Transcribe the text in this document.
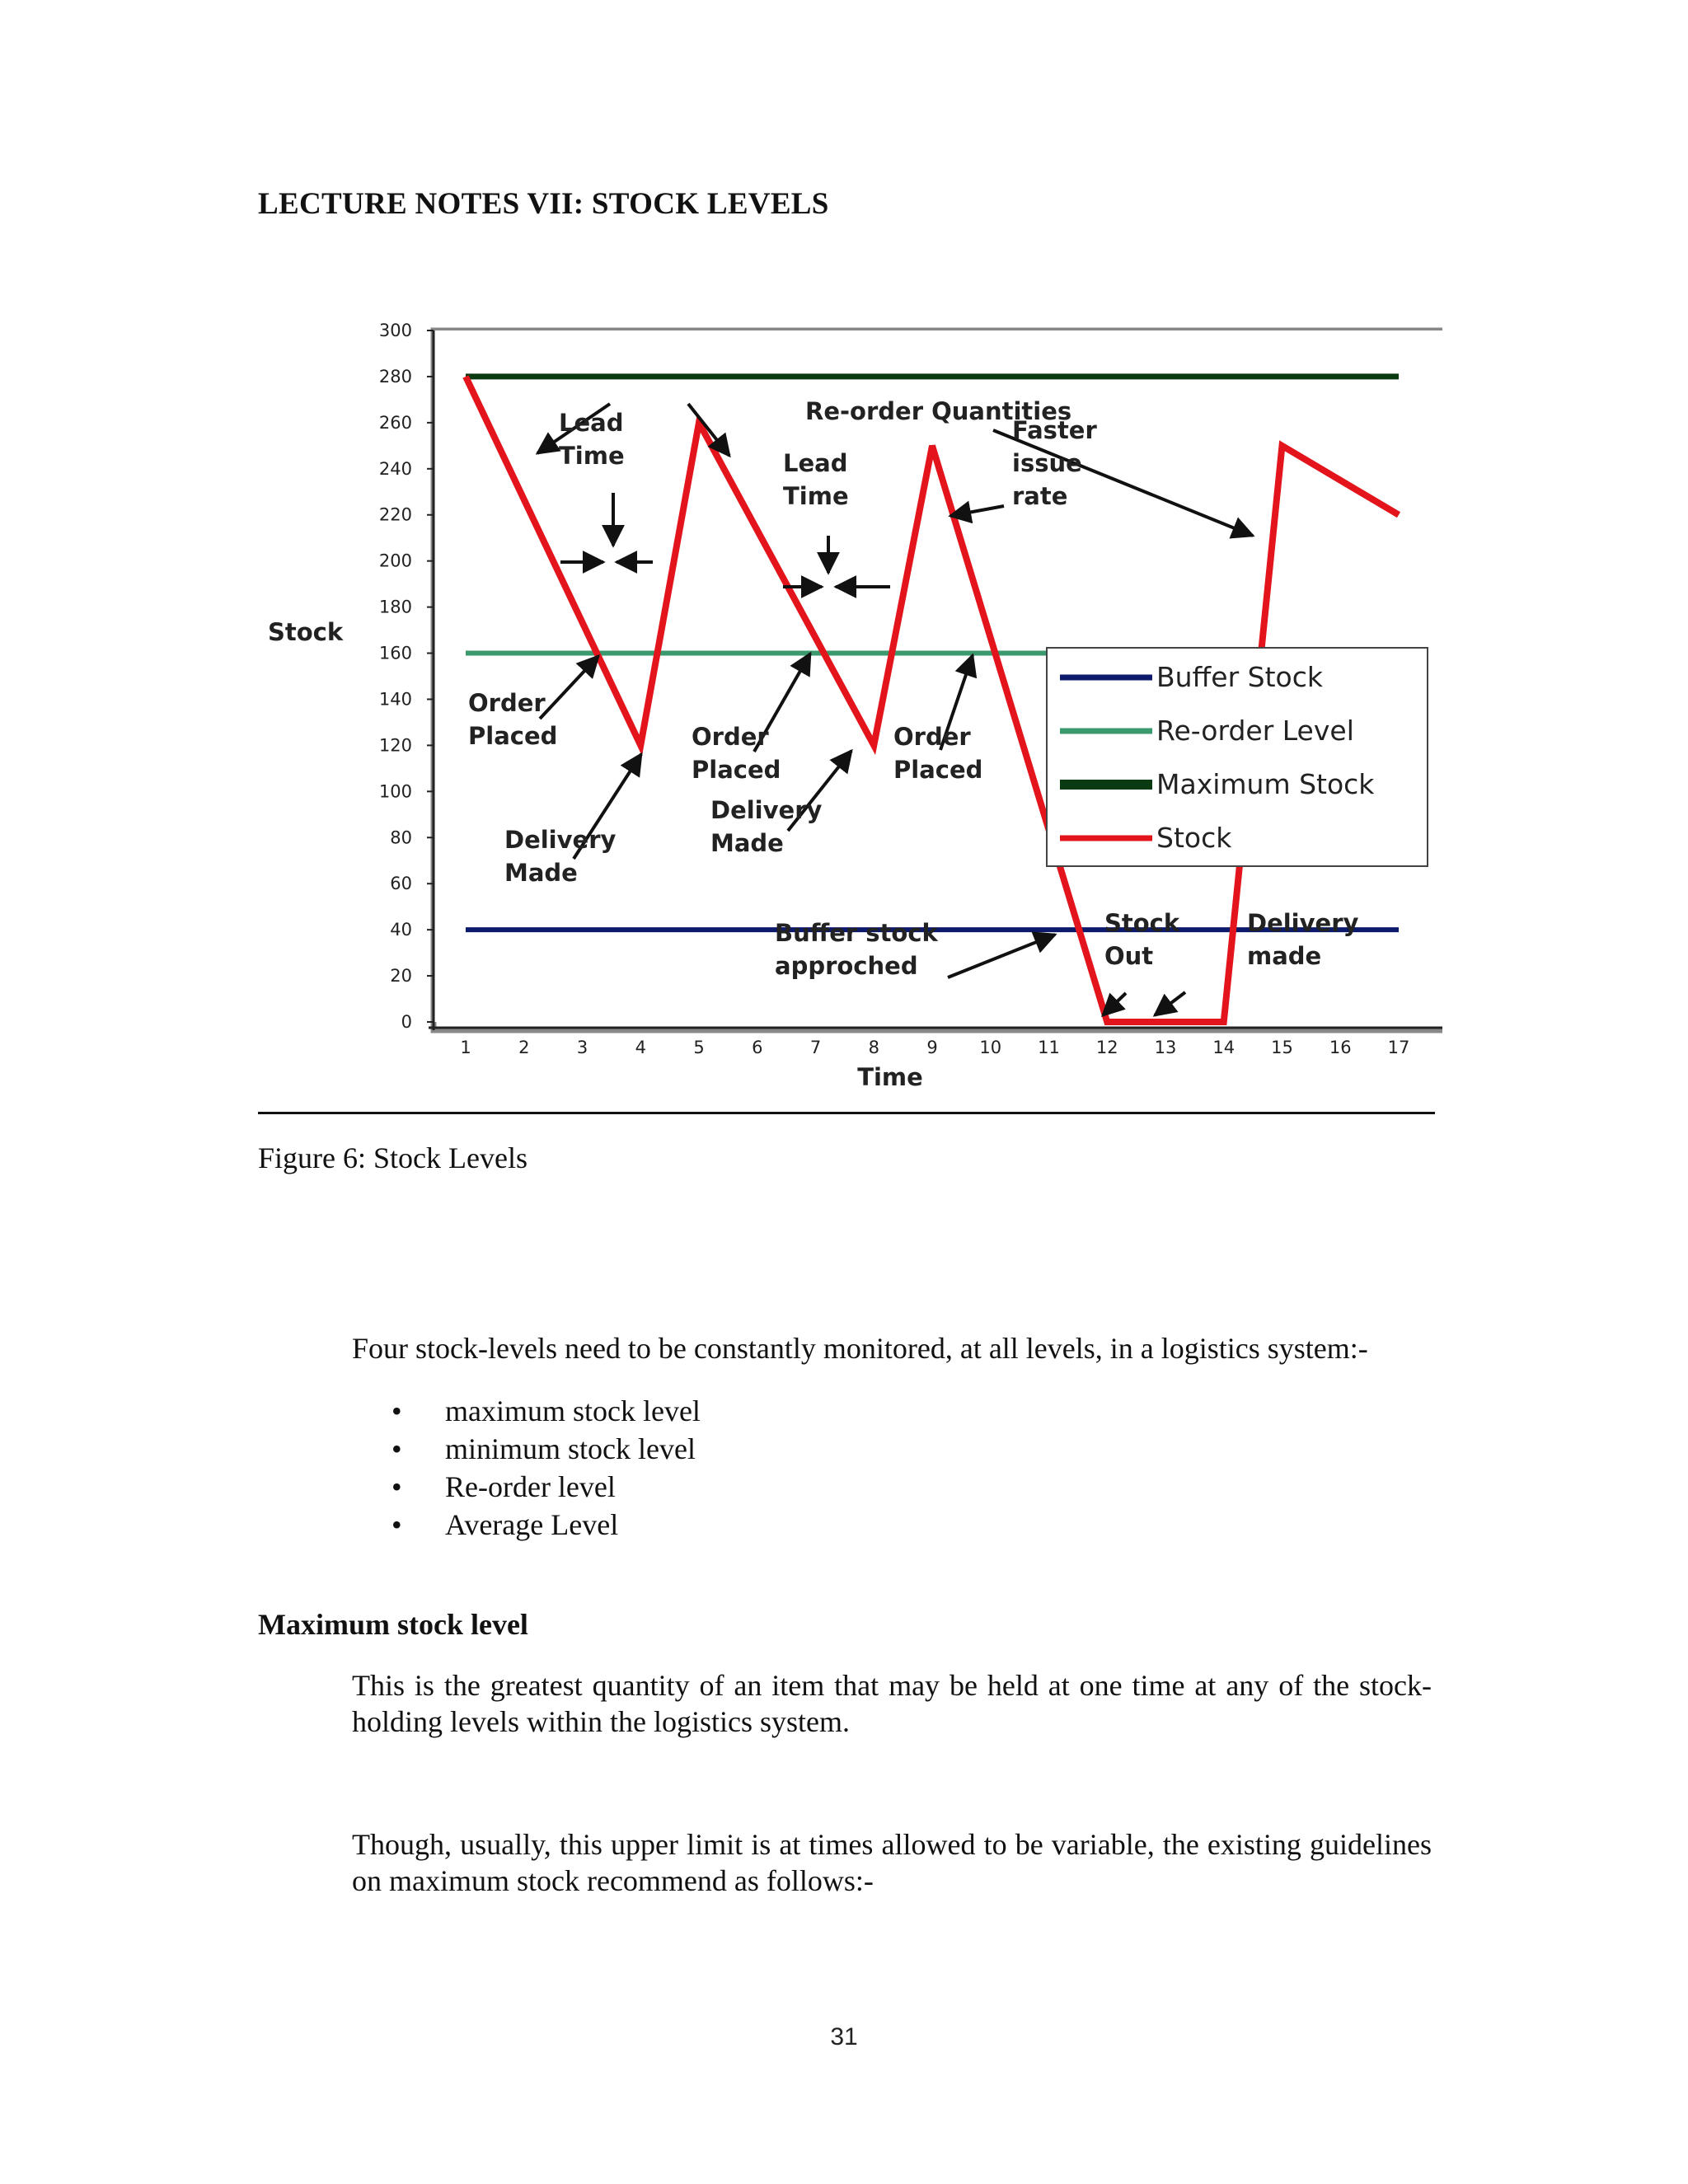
LECTURE NOTES VII: STOCK LEVELS
0
20
40
60
80
100
120
140
160
180
200
220
240
260
280
300
1	2	3	4	5	6	7	8	9 10 11 12 13 14 15 16 17
Stock
Time
Re-order Quantities
Lead
Time	Lead
Time
Faster
issue
rate
Order
Placed	Order
Placed
Order
Placed
Delivery
Made
Delivery
Made
Buffer stock
approched
Stock
Out
Delivery
made
Buffer Stock
Re-order Level
Maximum Stock
Stock
Figure 6: Stock Levels
Four stock-levels need to be constantly monitored, at all levels, in a logistics system:-
• maximum stock level
• minimum stock level
• Re-order level
• Average Level
Maximum stock level
This is the greatest quantity of an item that may be held at one time at any of the stock-holding levels within the logistics system.
Though, usually, this upper limit is at times allowed to be variable, the existing guidelines on maximum stock recommend as follows:-
31
